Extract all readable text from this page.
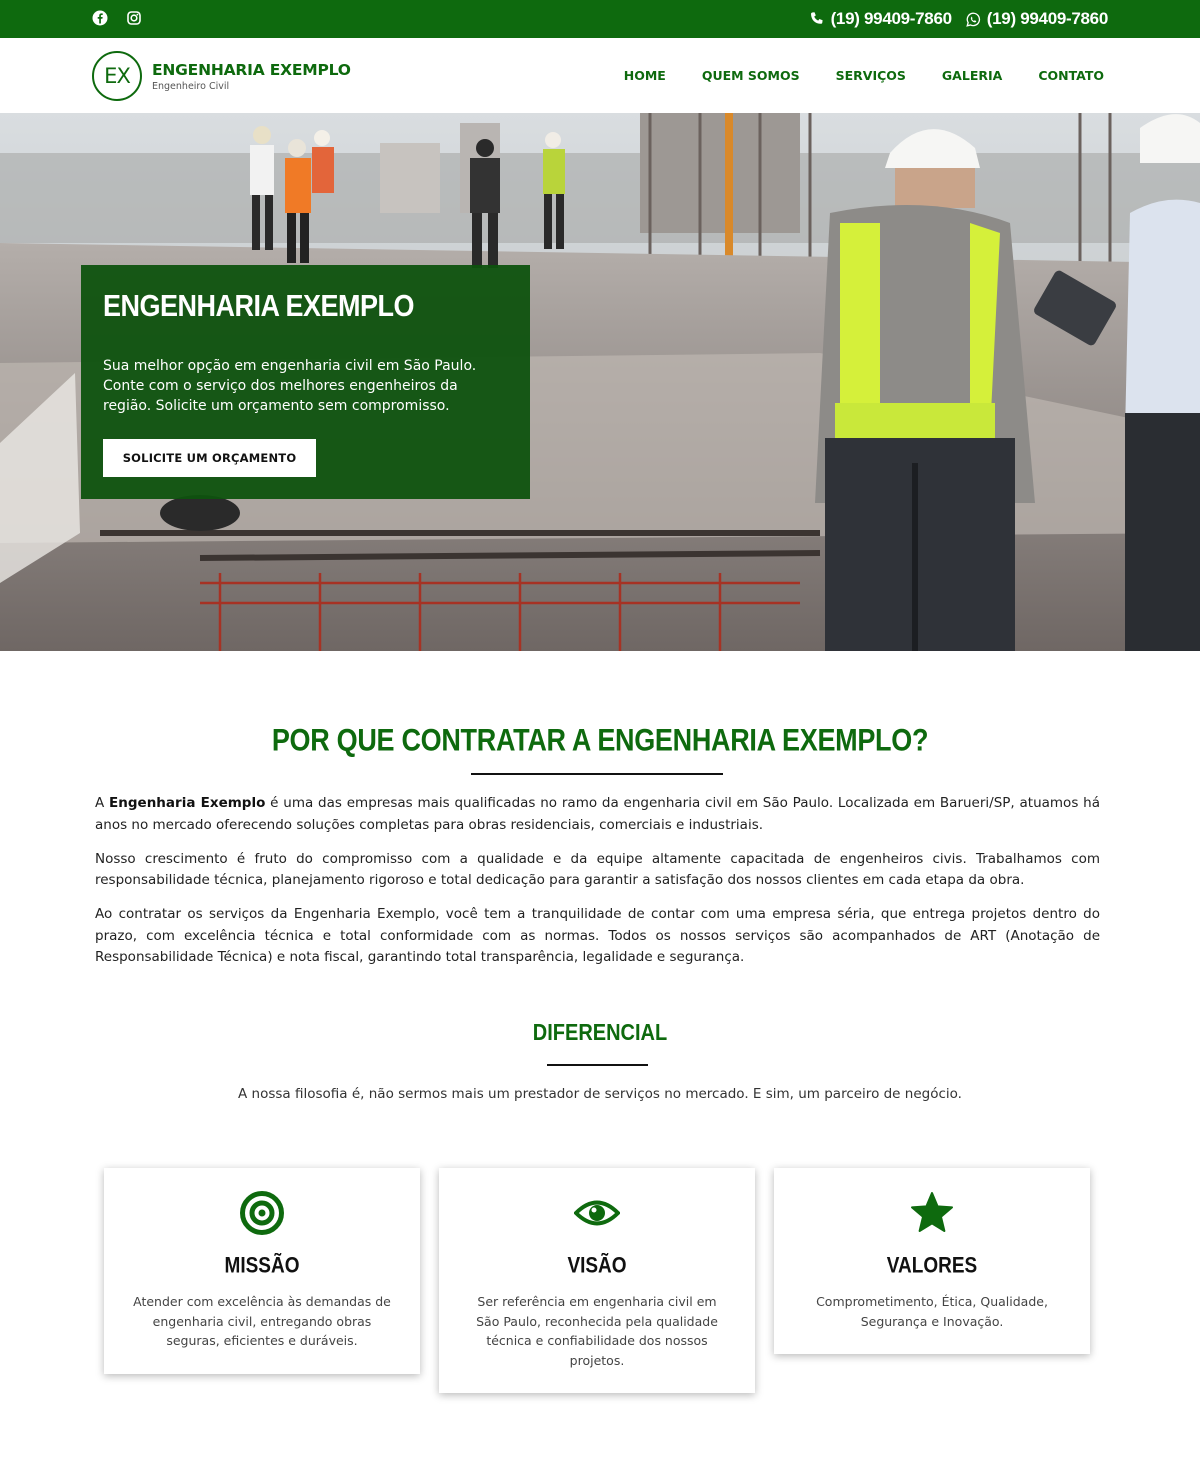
(19) 99409-7860 (19) 99409-7860
EX	ENGENHARIA EXEMPLO
Engenheiro Civil
HOME	QUEM SOMOS	SERVIÇOS	GALERIA	CONTATO
ENGENHARIA EXEMPLO
Sua melhor opção em engenharia civil em São Paulo. Conte com o serviço dos melhores engenheiros da região. Solicite um orçamento sem compromisso.
SOLICITE UM ORÇAMENTO
POR QUE CONTRATAR A ENGENHARIA EXEMPLO?

A Engenharia Exemplo é uma das empresas mais qualificadas no ramo da engenharia civil em São Paulo. Localizada em Barueri/SP, atuamos há anos no mercado oferecendo soluções completas para obras residenciais, comerciais e industriais.

Nosso crescimento é fruto do compromisso com a qualidade e da equipe altamente capacitada de engenheiros civis. Trabalhamos com responsabilidade técnica, planejamento rigoroso e total dedicação para garantir a satisfação dos nossos clientes em cada etapa da obra.

Ao contratar os serviços da Engenharia Exemplo, você tem a tranquilidade de contar com uma empresa séria, que entrega projetos dentro do prazo, com excelência técnica e total conformidade com as normas. Todos os nossos serviços são acompanhados de ART (Anotação de Responsabilidade Técnica) e nota fiscal, garantindo total transparência, legalidade e segurança.

DIFERENCIAL

A nossa filosofia é, não sermos mais um prestador de serviços no mercado. E sim, um parceiro de negócio.

MISSÃO
Atender com excelência às demandas de engenharia civil, entregando obras seguras, eficientes e duráveis.
VISÃO
Ser referência em engenharia civil em São Paulo, reconhecida pela qualidade técnica e confiabilidade dos nossos projetos.
VALORES
Comprometimento, Ética, Qualidade, Segurança e Inovação.
